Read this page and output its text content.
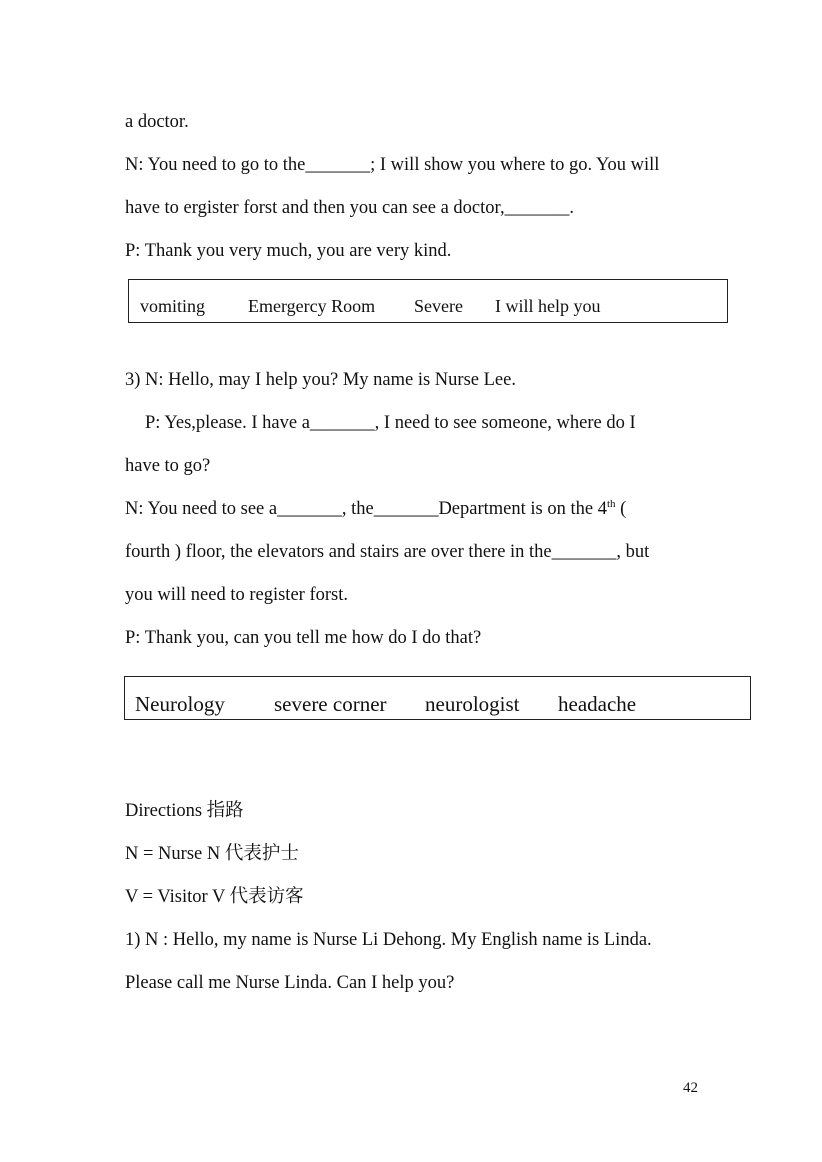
a doctor.
N: You need to go to the_______; I will show you where to go. You will
have to ergister forst and then you can see a doctor,_______.
P: Thank you very much, you are very kind.
vomiting Emergercy Room Severe I will help you
3) N: Hello, may I help you? My name is Nurse Lee.
P: Yes,please. I have a_______, I need to see someone, where do I
have to go?
N: You need to see a_______, the_______Department is on the 4th (
fourth ) floor, the elevators and stairs are over there in the_______, but
you will need to register forst.
P: Thank you, can you tell me how do I do that?
Neurology severe corner neurologist headache
Directions 指路
N = Nurse N 代表护士
V = Visitor V 代表访客
1) N : Hello, my name is Nurse Li Dehong. My English name is Linda.
Please call me Nurse Linda. Can I help you?
42
